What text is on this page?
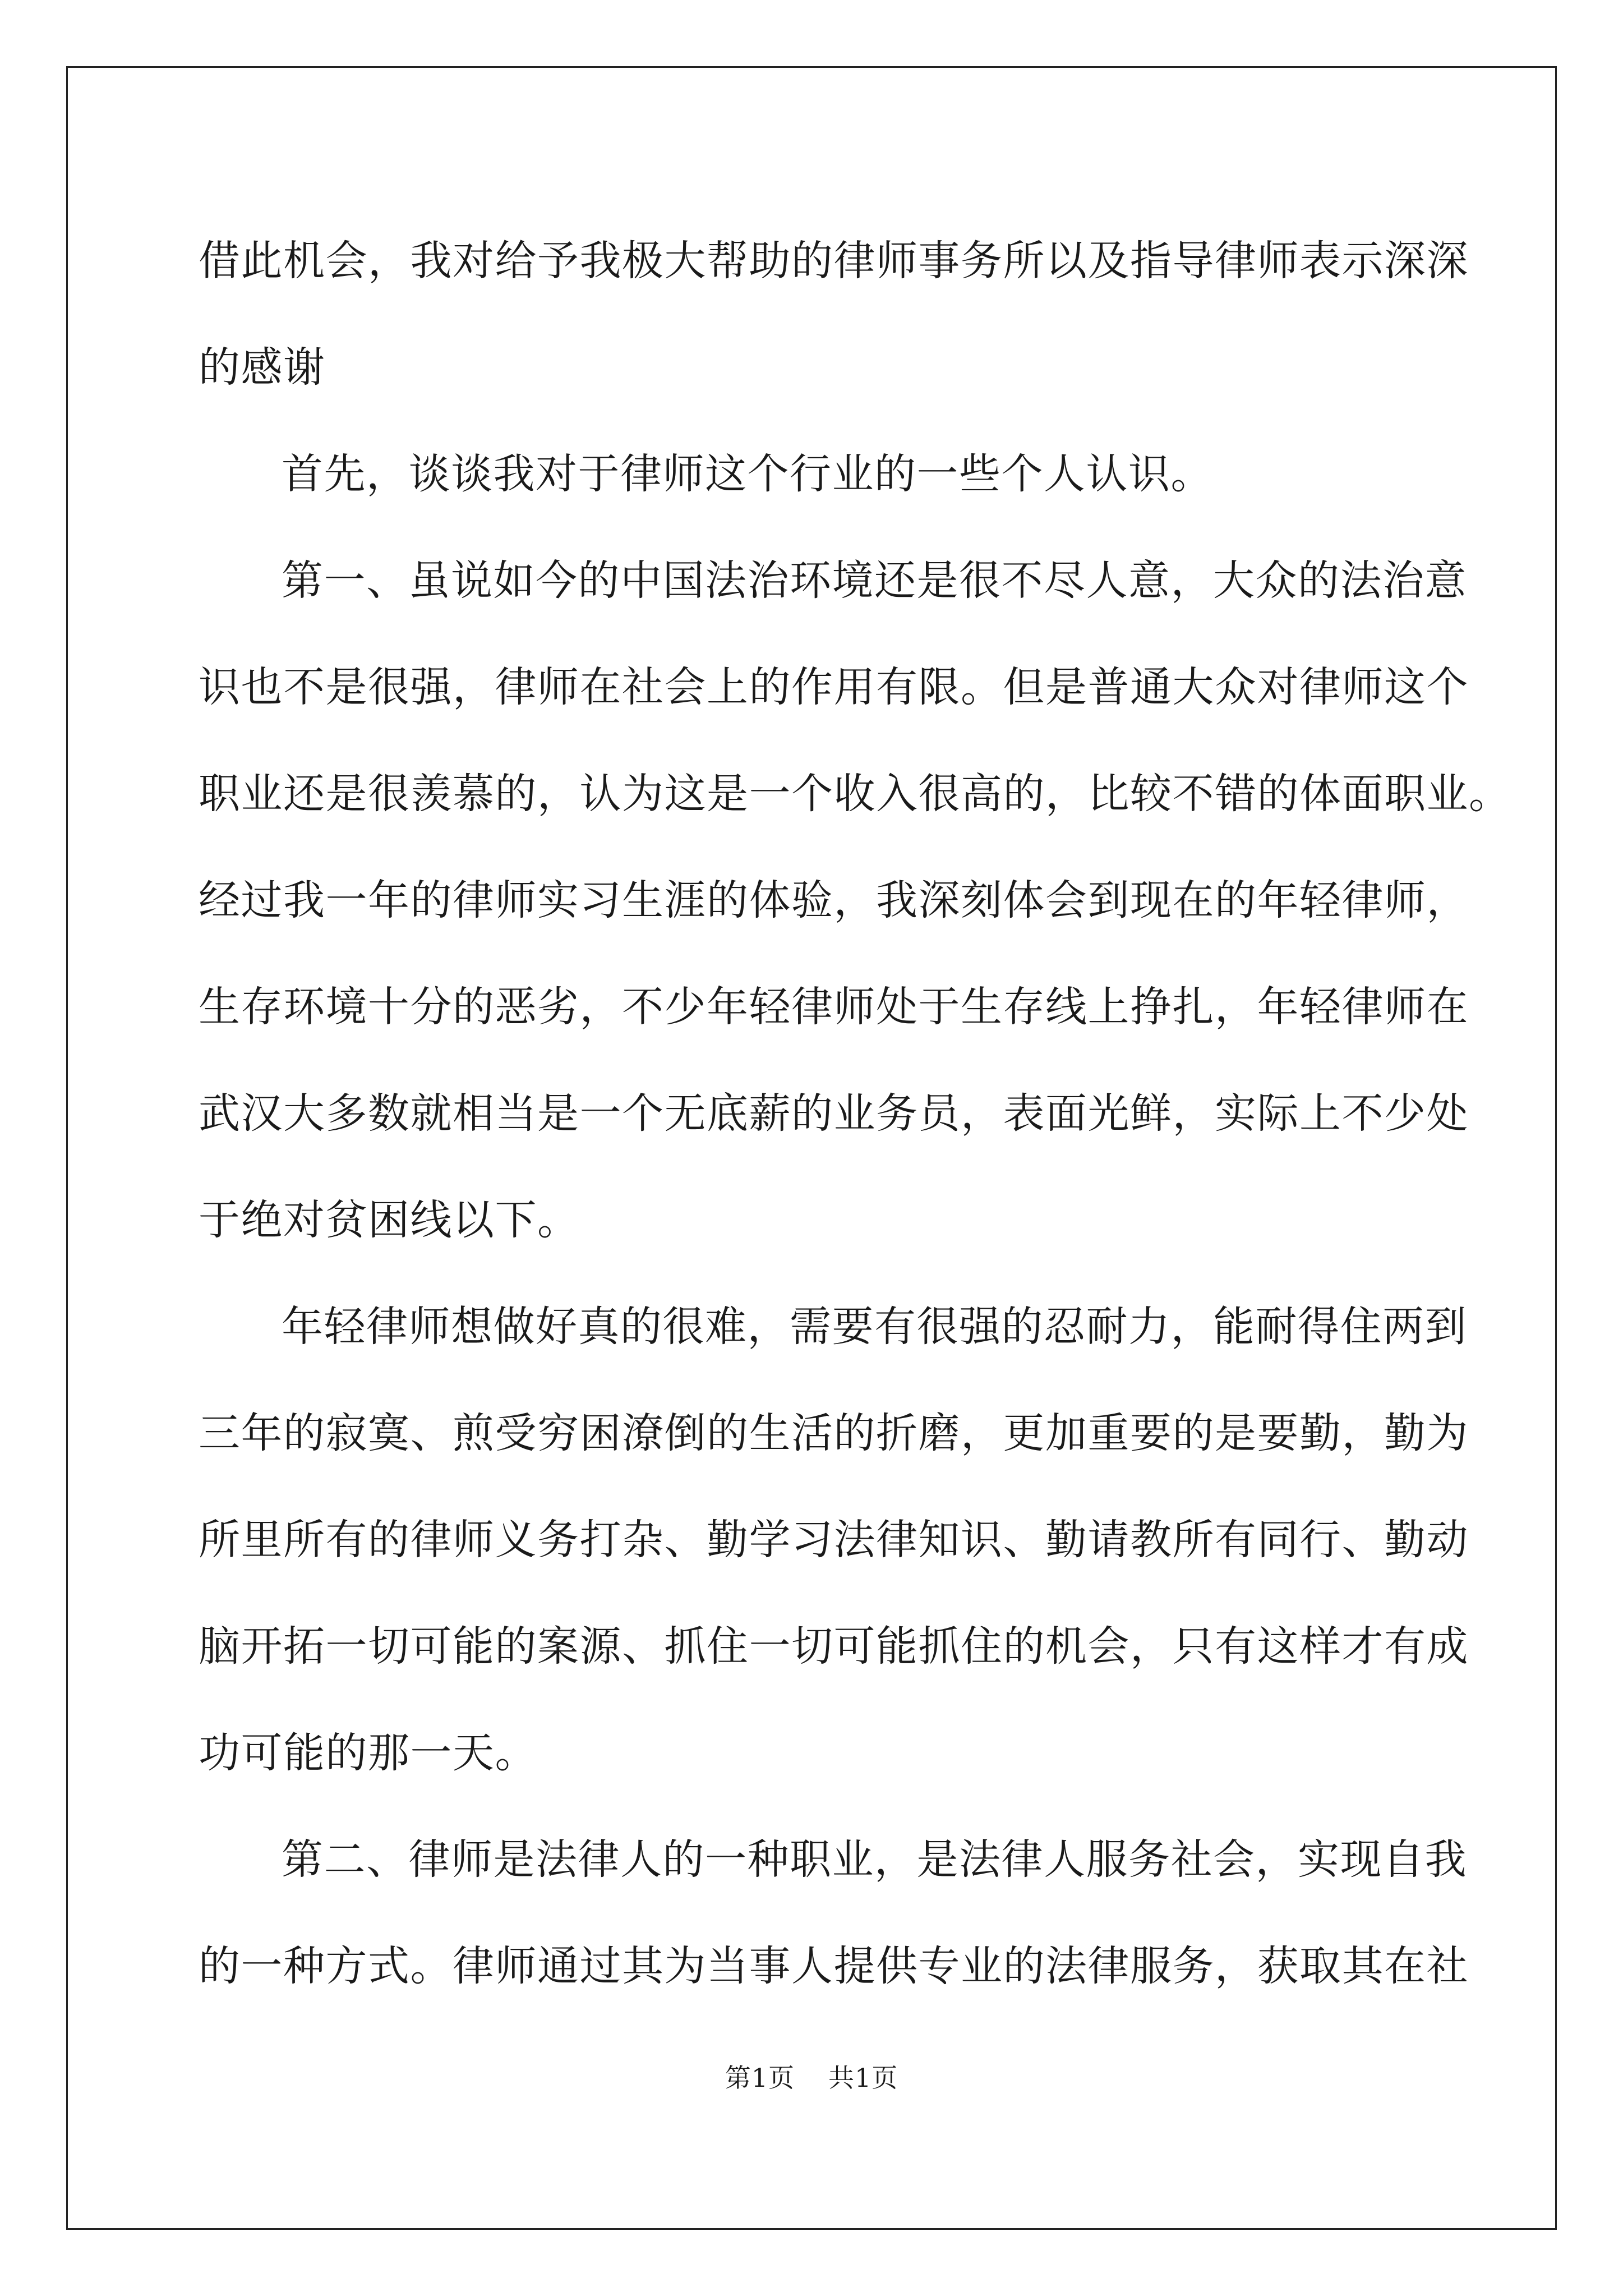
借此机会，我对给予我极大帮助的律师事务所以及指导律师表示深深
的感谢
首先，谈谈我对于律师这个行业的一些个人认识。
第一、虽说如今的中国法治环境还是很不尽人意，大众的法治意
识也不是很强，律师在社会上的作用有限。但是普通大众对律师这个
职业还是很羡慕的，认为这是一个收入很高的，比较不错的体面职业。
经过我一年的律师实习生涯的体验，我深刻体会到现在的年轻律师，
生存环境十分的恶劣，不少年轻律师处于生存线上挣扎，年轻律师在
武汉大多数就相当是一个无底薪的业务员，表面光鲜，实际上不少处
于绝对贫困线以下。
年轻律师想做好真的很难，需要有很强的忍耐力，能耐得住两到
三年的寂寞、煎受穷困潦倒的生活的折磨，更加重要的是要勤，勤为
所里所有的律师义务打杂、勤学习法律知识、勤请教所有同行、勤动
脑开拓一切可能的案源、抓住一切可能抓住的机会，只有这样才有成
功可能的那一天。
第二、律师是法律人的一种职业，是法律人服务社会，实现自我
的一种方式。律师通过其为当事人提供专业的法律服务，获取其在社
第1页 共1页
